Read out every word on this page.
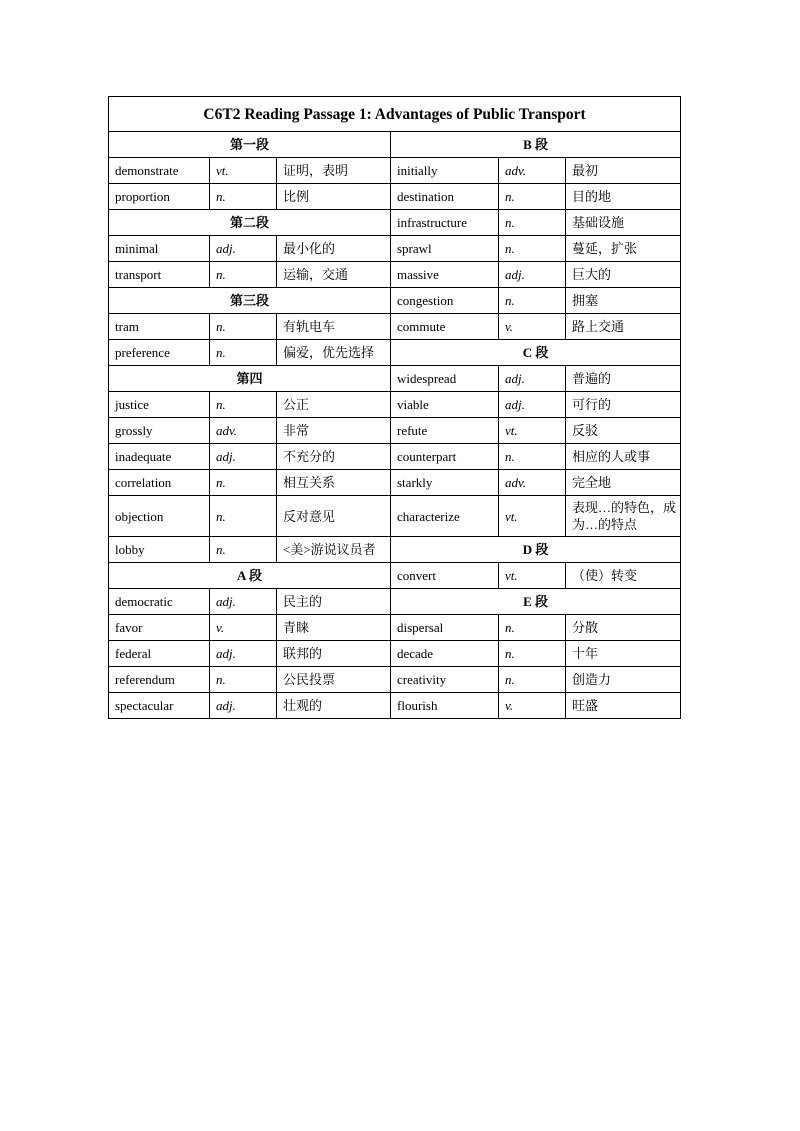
C6T2 Reading Passage 1: Advantages of Public Transport					
第一段			B 段		
demonstrate	vt.	证明，表明	initially	adv.	最初
proportion	n.	比例	destination	n.	目的地
第二段			infrastructure	n.	基础设施
minimal	adj.	最小化的	sprawl	n.	蔓延，扩张
transport	n.	运输，交通	massive	adj.	巨大的
第三段			congestion	n.	拥塞
tram	n.	有轨电车	commute	v.	路上交通
preference	n.	偏爱，优先选择	C 段		
第四			widespread	adj.	普遍的
justice	n.	公正	viable	adj.	可行的
grossly	adv.	非常	refute	vt.	反驳
inadequate	adj.	不充分的	counterpart	n.	相应的人或事
correlation	n.	相互关系	starkly	adv.	完全地
objection	n.	反对意见	characterize	vt.	表现…的特色，成为…的特点
lobby	n.	<美>游说议员者	D 段		
A 段			convert	vt.	（使）转变
democratic	adj.	民主的	E 段		
favor	v.	青睐	dispersal	n.	分散
federal	adj.	联邦的	decade	n.	十年
referendum	n.	公民投票	creativity	n.	创造力
spectacular	adj.	壮观的	flourish	v.	旺盛
